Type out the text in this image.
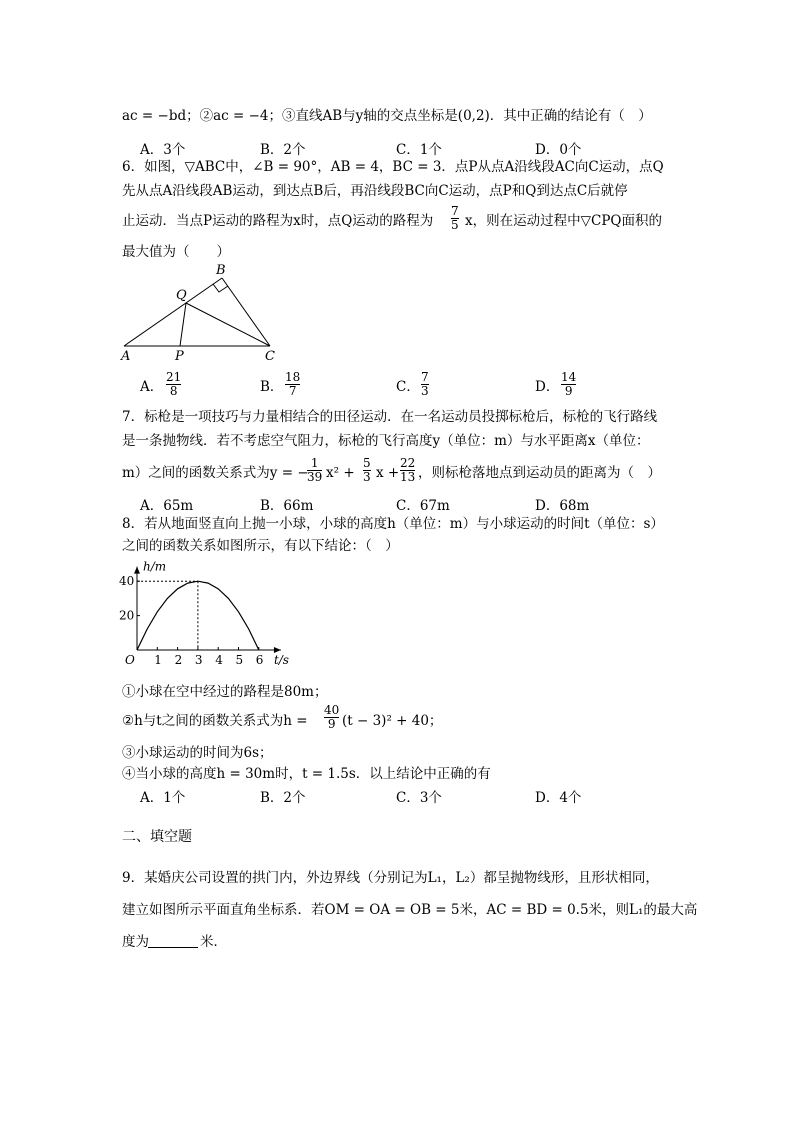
ac = −bd；②ac = −4；③直线AB与y轴的交点坐标是(0,2)．其中正确的结论有（　）
A．3个	B．2个	C．1个	D．0个
6．如图，▽ABC中，∠B = 90°，AB = 4，BC = 3．点P从点A沿线段AC向C运动，点Q
先从点A沿线段AB运动，到达点B后，再沿线段BC向C运动，点P和Q到达点C后就停
止运动．当点P运动的路程为x时，点Q运动的路程为
7
5 x，则在运动过程中▽CPQ面积的
最大值为（　　）
B
Q
A	P	C
A．
21
8	B．
18
7	C．
7
3	D．
14
9
7．标枪是一项技巧与力量相结合的田径运动．在一名运动员投掷标枪后，标枪的飞行路线
是一条抛物线．若不考虑空气阻力，标枪的飞行高度y（单位：m）与水平距离x（单位：
m）之间的函数关系式为y = −
1
39 x² +
5
3 x +
22
13 ，则标枪落地点到运动员的距离为（　）
A．65m	B．66m	C．67m	D．68m
8．若从地面竖直向上抛一小球，小球的高度h（单位：m）与小球运动的时间t（单位：s）
之间的函数关系如图所示，有以下结论：（　）
1 2 3 4 5 6
20
40
O	t/s
h/m
①小球在空中经过的路程是80m；
②h与t之间的函数关系式为h =
40
9 (t − 3)² + 40；
③小球运动的时间为6s；
④当小球的高度h = 30m时，t = 1.5s．以上结论中正确的有
A．1个	B．2个	C．3个	D．4个
二、填空题
9．某婚庆公司设置的拱门内，外边界线（分别记为L₁，L₂）都呈抛物线形，且形状相同，
建立如图所示平面直角坐标系．若OM = OA = OB = 5米，AC = BD = 0.5米，则L₁的最大高
度为	米．
